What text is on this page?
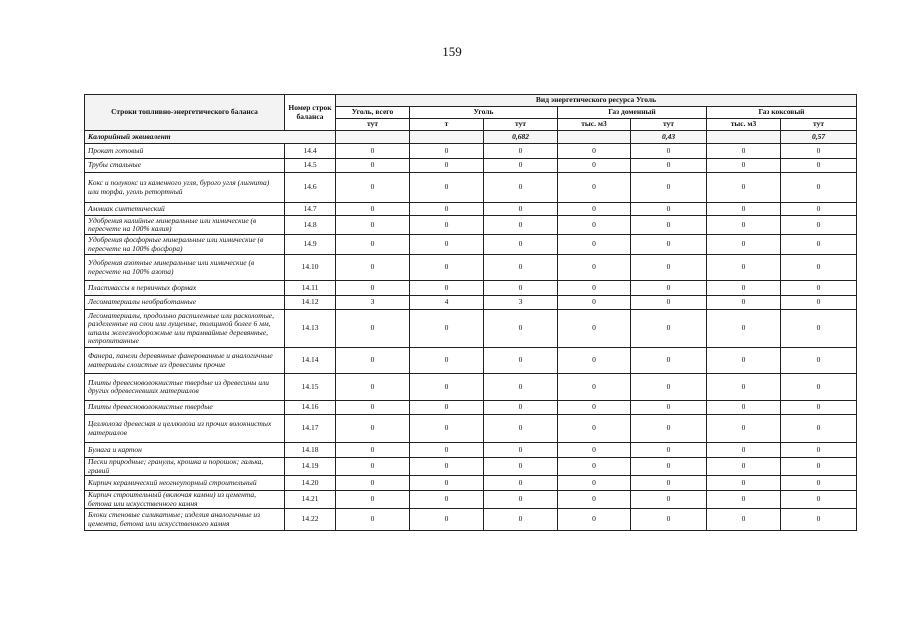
159
Строки топливно-энергетического баланса	Номер строк баланса	Вид энергетического ресурса Уголь						
		Уголь, всего	Уголь		Газ доменный		Газ коксовый	
		тут	т	тут	тыс. м3	тут	тыс. м3	тут
Калорийный эквивалент				0,682		0,43		0,57
Прокат готовый	14.4	0	0	0	0	0	0	0
Трубы стальные	14.5	0	0	0	0	0	0	0
Кокс и полукокс из каменного угля, бурого угля (лигнита) или торфа, уголь ретортный	14.6	0	0	0	0	0	0	0
Аммиак синтетический	14.7	0	0	0	0	0	0	0
Удобрения калийные минеральные или химические (в пересчете на 100% калия)	14.8	0	0	0	0	0	0	0
Удобрения фосфорные минеральные или химические (в пересчете на 100% фосфора)	14.9	0	0	0	0	0	0	0
Удобрения азотные минеральные или химические (в пересчете на 100% азота)	14.10	0	0	0	0	0	0	0
Пластмассы в первичных формах	14.11	0	0	0	0	0	0	0
Лесоматериалы необработанные	14.12	3	4	3	0	0	0	0
Лесоматериалы, продольно распиленные или расколотые, разделенные на слои или лущеные, толщиной более 6 мм, шпалы железнодорожные или трамвайные деревянные, непропитанные	14.13	0	0	0	0	0	0	0
Фанера, панели деревянные фанерованные и аналогичные материалы слоистые из древесины прочие	14.14	0	0	0	0	0	0	0
Плиты древесноволокнистые твердые из древесины или других одревесневших материалов	14.15	0	0	0	0	0	0	0
Плиты древесноволокнистые твердые	14.16	0	0	0	0	0	0	0
Целлюлоза древесная и целлюлоза из прочих волокнистых материалов	14.17	0	0	0	0	0	0	0
Бумага и картон	14.18	0	0	0	0	0	0	0
Пески природные; гранулы, крошка и порошок; галька, гравий	14.19	0	0	0	0	0	0	0
Кирпич керамический неогнеупорный строительный	14.20	0	0	0	0	0	0	0
Кирпич строительный (включая камни) из цемента, бетона или искусственного камня	14.21	0	0	0	0	0	0	0
Блоки стеновые силикатные; изделия аналогичные из цемента, бетона или искусственного камня	14.22	0	0	0	0	0	0	0
